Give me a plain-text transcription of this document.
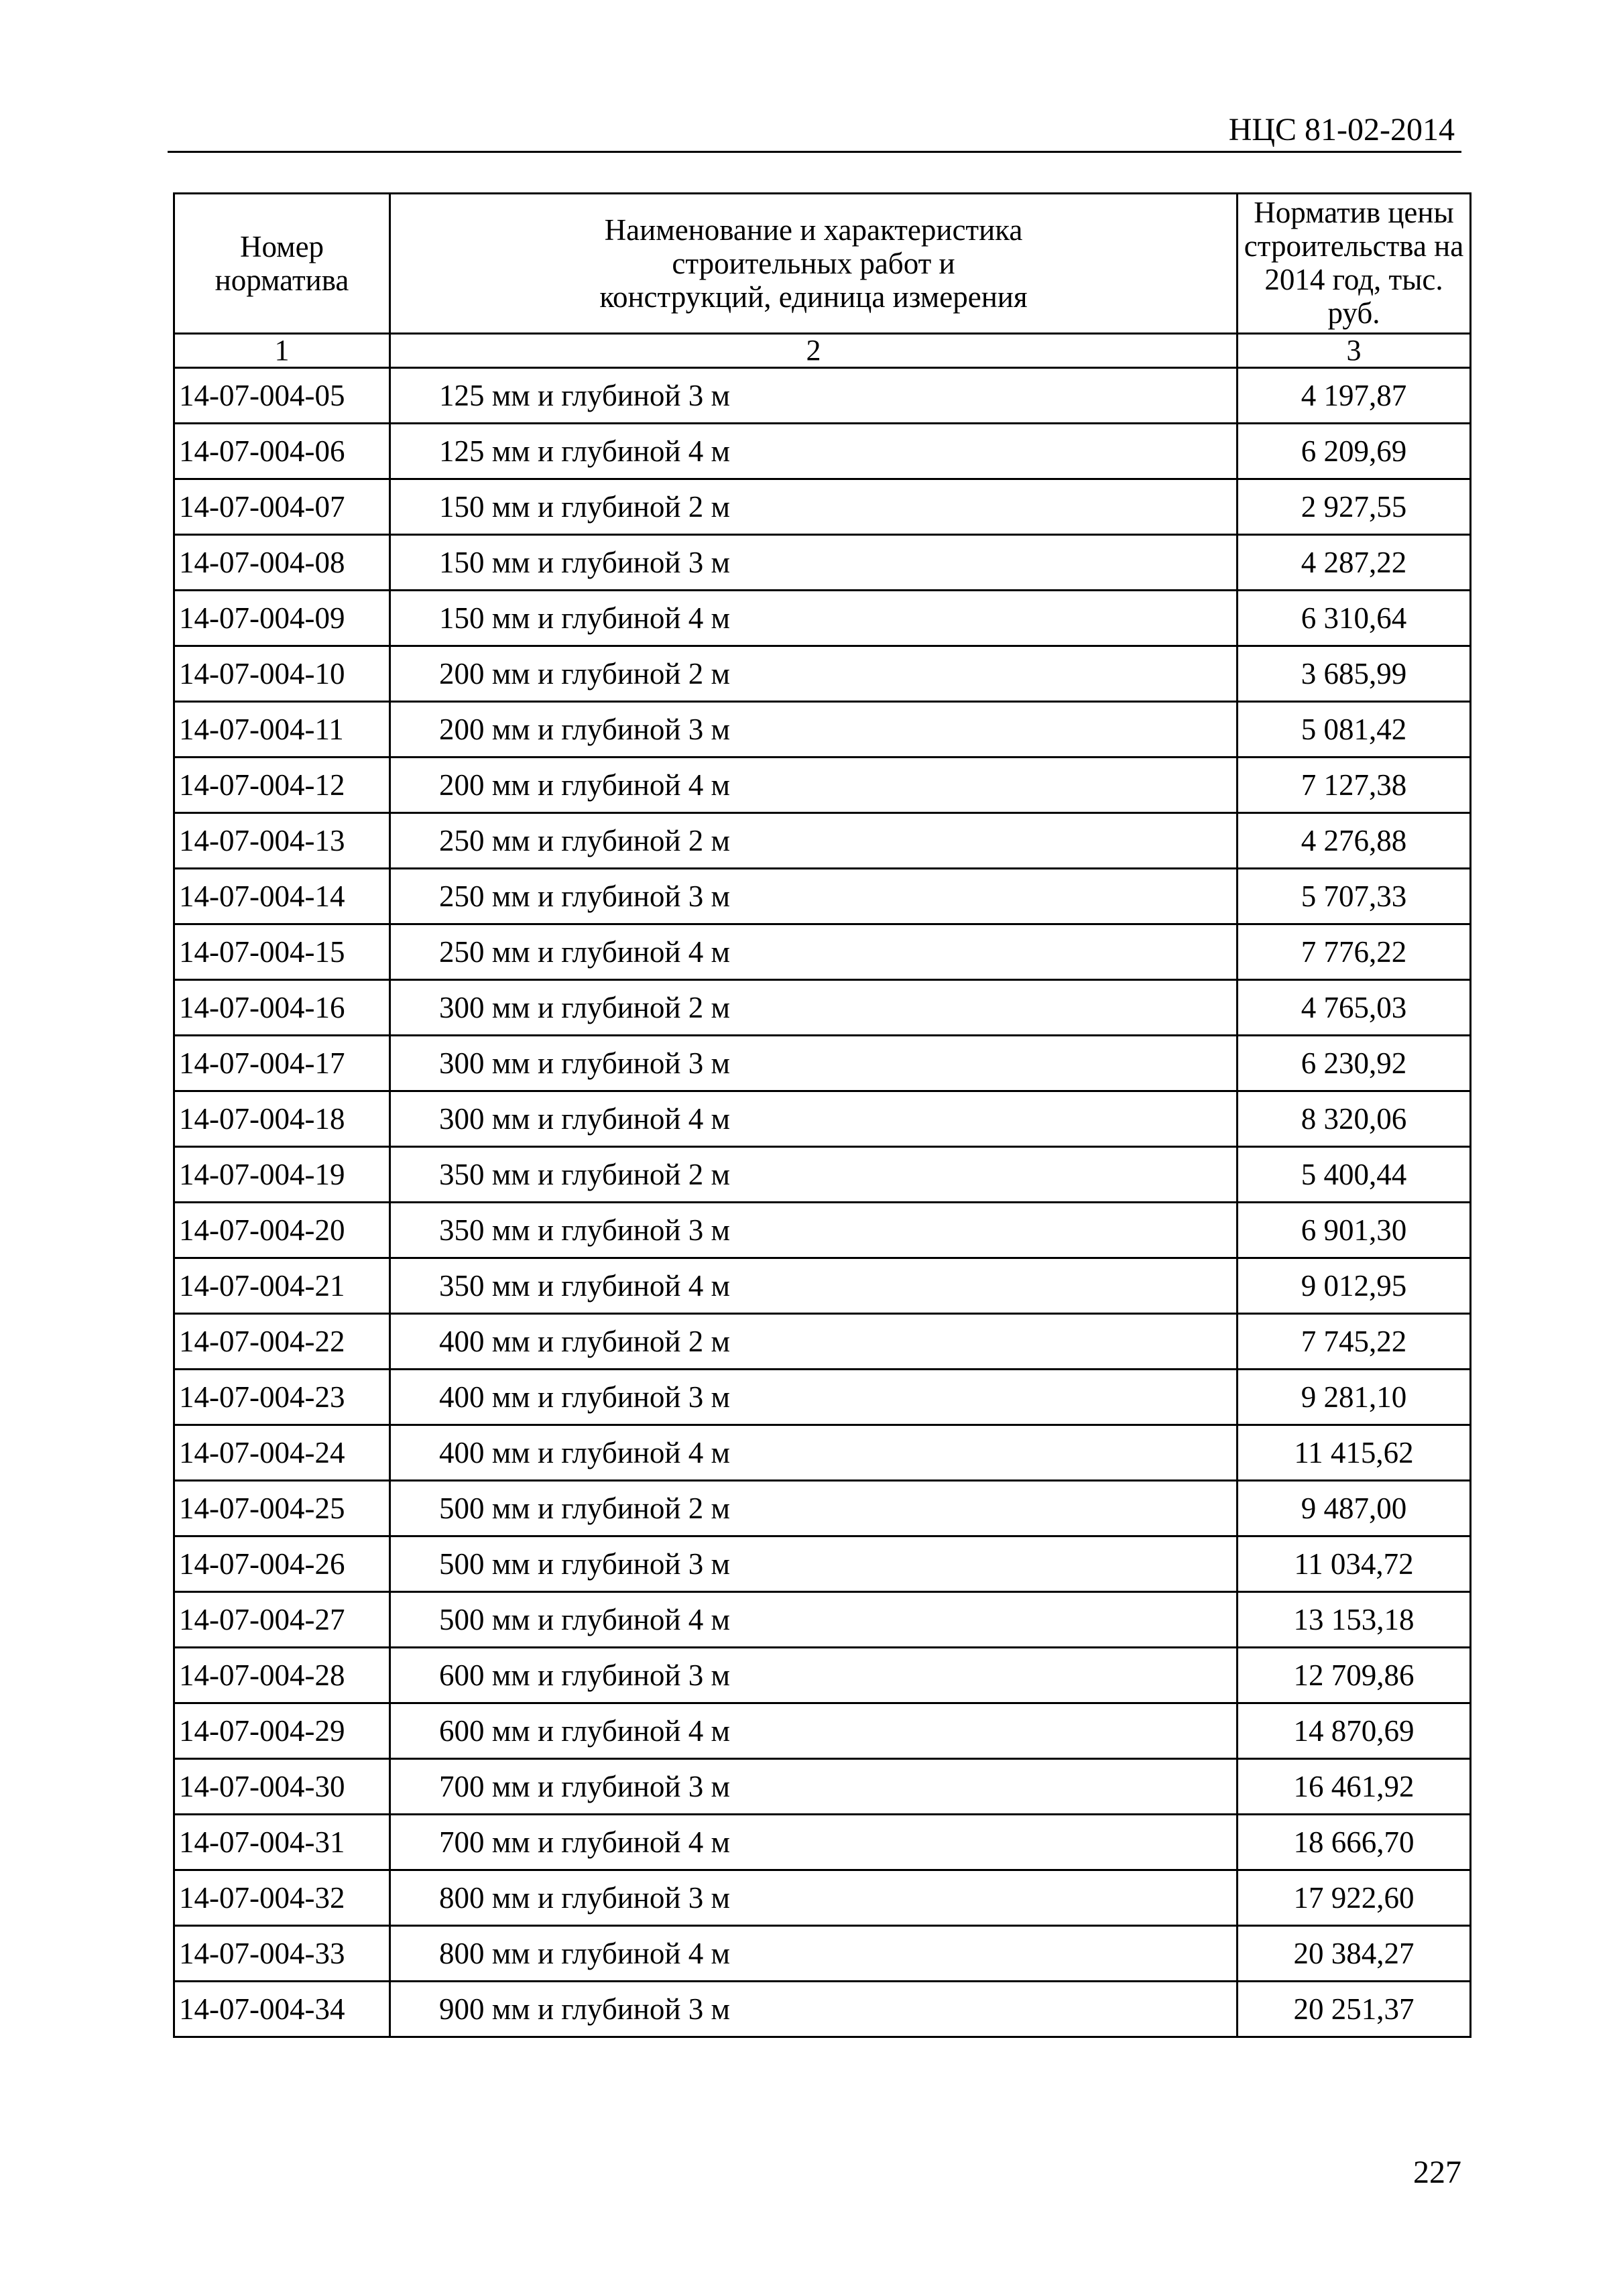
НЦС 81-02-2014
Номер норматива	Наименование и характеристика строительных работ и конструкций, единица измерения	Норматив цены строительства на 2014 год, тыс. руб.
1	2	3
14-07-004-05	125 мм и глубиной 3 м	4 197,87
14-07-004-06	125 мм и глубиной 4 м	6 209,69
14-07-004-07	150 мм и глубиной 2 м	2 927,55
14-07-004-08	150 мм и глубиной 3 м	4 287,22
14-07-004-09	150 мм и глубиной 4 м	6 310,64
14-07-004-10	200 мм и глубиной 2 м	3 685,99
14-07-004-11	200 мм и глубиной 3 м	5 081,42
14-07-004-12	200 мм и глубиной 4 м	7 127,38
14-07-004-13	250 мм и глубиной 2 м	4 276,88
14-07-004-14	250 мм и глубиной 3 м	5 707,33
14-07-004-15	250 мм и глубиной 4 м	7 776,22
14-07-004-16	300 мм и глубиной 2 м	4 765,03
14-07-004-17	300 мм и глубиной 3 м	6 230,92
14-07-004-18	300 мм и глубиной 4 м	8 320,06
14-07-004-19	350 мм и глубиной 2 м	5 400,44
14-07-004-20	350 мм и глубиной 3 м	6 901,30
14-07-004-21	350 мм и глубиной 4 м	9 012,95
14-07-004-22	400 мм и глубиной 2 м	7 745,22
14-07-004-23	400 мм и глубиной 3 м	9 281,10
14-07-004-24	400 мм и глубиной 4 м	11 415,62
14-07-004-25	500 мм и глубиной 2 м	9 487,00
14-07-004-26	500 мм и глубиной 3 м	11 034,72
14-07-004-27	500 мм и глубиной 4 м	13 153,18
14-07-004-28	600 мм и глубиной 3 м	12 709,86
14-07-004-29	600 мм и глубиной 4 м	14 870,69
14-07-004-30	700 мм и глубиной 3 м	16 461,92
14-07-004-31	700 мм и глубиной 4 м	18 666,70
14-07-004-32	800 мм и глубиной 3 м	17 922,60
14-07-004-33	800 мм и глубиной 4 м	20 384,27
14-07-004-34	900 мм и глубиной 3 м	20 251,37
227
